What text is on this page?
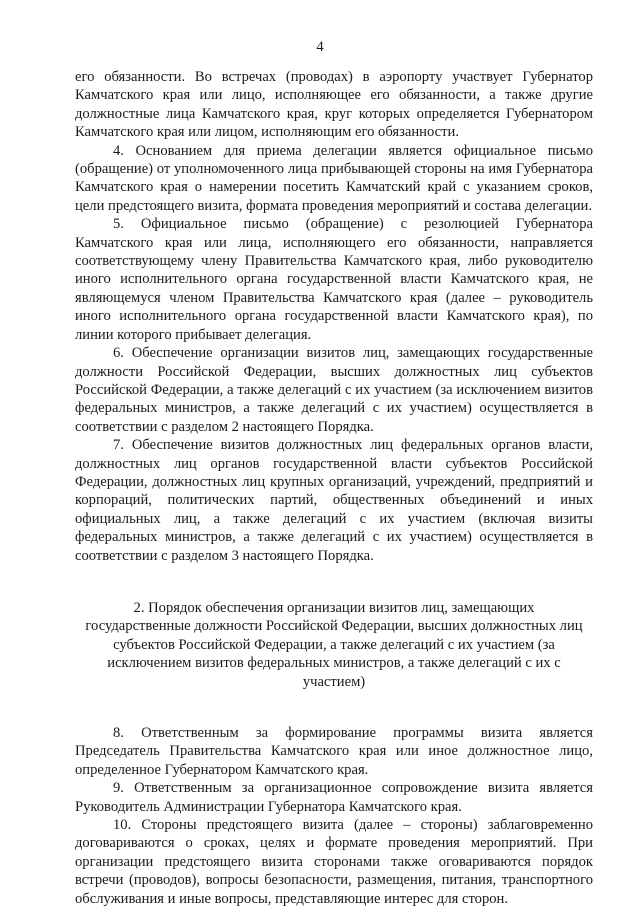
4

его обязанности. Во встречах (проводах) в аэропорту участвует Губернатор Камчатского края или лицо, исполняющее его обязанности, а также другие должностные лица Камчатского края, круг которых определяется Губернатором Камчатского края или лицом, исполняющим его обязанности.

4. Основанием для приема делегации является официальное письмо (обращение) от уполномоченного лица прибывающей стороны на имя Губернатора Камчатского края о намерении посетить Камчатский край с указанием сроков, цели предстоящего визита, формата проведения мероприятий и состава делегации.

5. Официальное письмо (обращение) с резолюцией Губернатора Камчатского края или лица, исполняющего его обязанности, направляется соответствующему члену Правительства Камчатского края, либо руководителю иного исполнительного органа государственной власти Камчатского края, не являющемуся членом Правительства Камчатского края (далее – руководитель иного исполнительного органа государственной власти Камчатского края), по линии которого прибывает делегация.

6. Обеспечение организации визитов лиц, замещающих государственные должности Российской Федерации, высших должностных лиц субъектов Российской Федерации, а также делегаций с их участием (за исключением визитов федеральных министров, а также делегаций с их участием) осуществляется в соответствии с разделом 2 настоящего Порядка.

7. Обеспечение визитов должностных лиц федеральных органов власти, должностных лиц органов государственной власти субъектов Российской Федерации, должностных лиц крупных организаций, учреждений, предприятий и корпораций, политических партий, общественных объединений и иных официальных лиц, а также делегаций с их участием (включая визиты федеральных министров, а также делегаций с их участием) осуществляется в соответствии с разделом 3 настоящего Порядка.

2. Порядок обеспечения организации визитов лиц, замещающих государственные должности Российской Федерации, высших должностных лиц субъектов Российской Федерации, а также делегаций с их участием (за исключением визитов федеральных министров, а также делегаций с их с участием)

8. Ответственным за формирование программы визита является Председатель Правительства Камчатского края или иное должностное лицо, определенное Губернатором Камчатского края.

9. Ответственным за организационное сопровождение визита является Руководитель Администрации Губернатора Камчатского края.

10. Стороны предстоящего визита (далее – стороны) заблаговременно договариваются о сроках, целях и формате проведения мероприятий. При организации предстоящего визита сторонами также оговариваются порядок встречи (проводов), вопросы безопасности, размещения, питания, транспортного обслуживания и иные вопросы, представляющие интерес для сторон.
